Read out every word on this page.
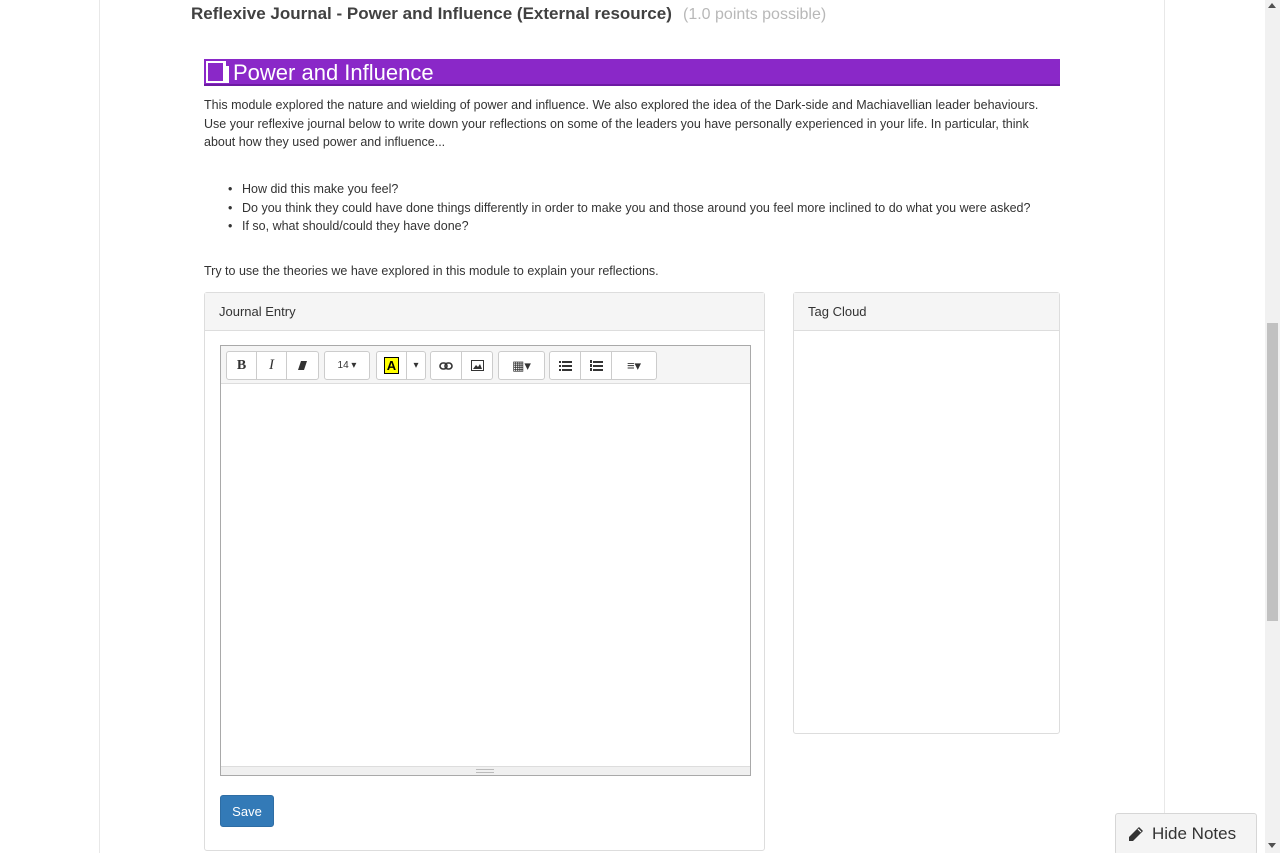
Reflexive Journal - Power and Influence (External resource) (1.0 points possible)
Power and Influence

This module explored the nature and wielding of power and influence. We also explored the idea of the Dark-side and Machiavellian leader behaviours.

Use your reflexive journal below to write down your reflections on some of the leaders you have personally experienced in your life. In particular, think about how they used power and influence...

• How did this make you feel?
• Do you think they could have done things differently in order to make you and those around you feel more inclined to do what you were asked?
• If so, what should/could they have done?

Try to use the theories we have explored in this module to explain your reflections.

Journal Entry
B	I	14 ▾	A	▾	▦▾	≡▾
Save
Tag Cloud
Hide Notes
